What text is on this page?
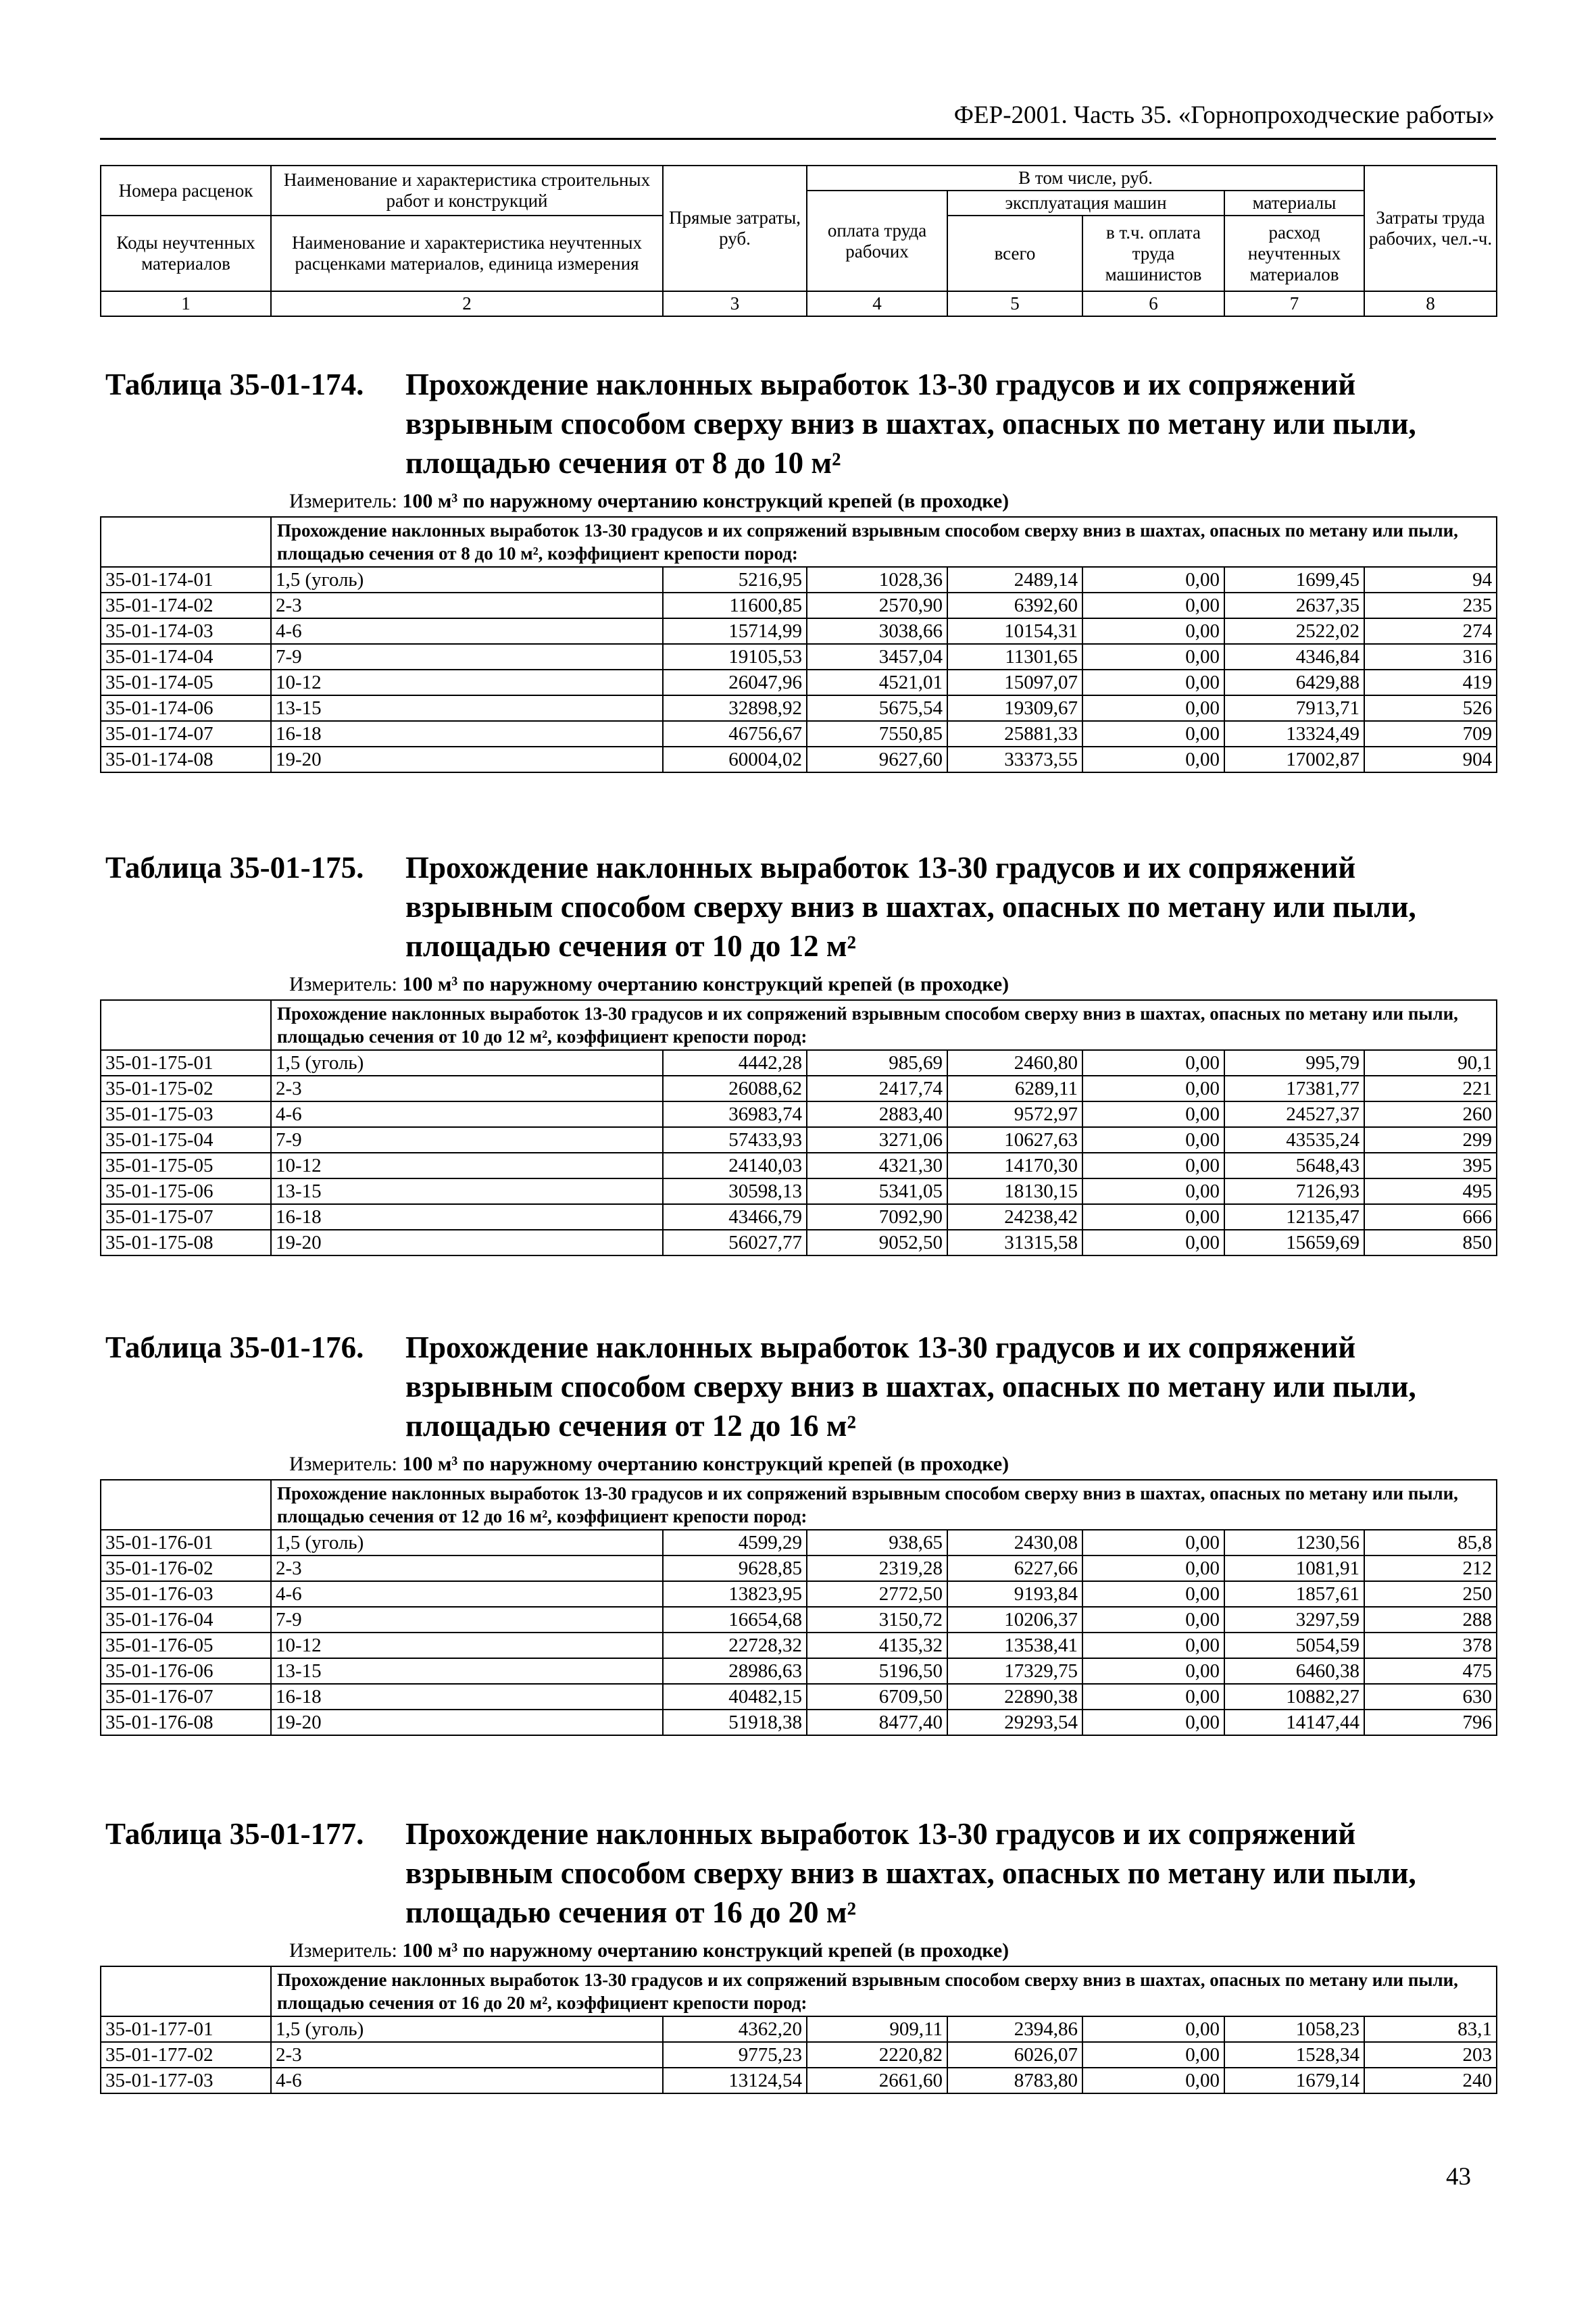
ФЕР-2001. Часть 35. «Горнопроходческие работы»
Номера расценок	Наименование и характеристика строительных работ и конструкций	Прямые затраты, руб.	В том числе, руб.				Затраты труда рабочих, чел.-ч.
			оплата труда рабочих	эксплуатация машин		материалы	
Коды неучтенных материалов	Наименование и характеристика неучтенных расценками материалов, единица измерения			всего	в т.ч. оплата труда машинистов	расход неучтенных материалов	

1	2	3	4	5	6	7	8
Таблица 35-01-174. Прохождение наклонных выработок 13-30 градусов и их сопряжений взрывным способом сверху вниз в шахтах, опасных по метану или пыли, площадью сечения от 8 до 10 м²
Измеритель: 100 м³ по наружному очертанию конструкций крепей (в проходке)
	Прохождение наклонных выработок 13-30 градусов и их сопряжений взрывным способом сверху вниз в шахтах, опасных по метану или пыли, площадью сечения от 8 до 10 м², коэффициент крепости пород:						
35-01-174-01	1,5 (уголь)	5216,95	1028,36	2489,14	0,00	1699,45	94
35-01-174-02	2-3	11600,85	2570,90	6392,60	0,00	2637,35	235
35-01-174-03	4-6	15714,99	3038,66	10154,31	0,00	2522,02	274
35-01-174-04	7-9	19105,53	3457,04	11301,65	0,00	4346,84	316
35-01-174-05	10-12	26047,96	4521,01	15097,07	0,00	6429,88	419
35-01-174-06	13-15	32898,92	5675,54	19309,67	0,00	7913,71	526
35-01-174-07	16-18	46756,67	7550,85	25881,33	0,00	13324,49	709
35-01-174-08	19-20	60004,02	9627,60	33373,55	0,00	17002,87	904
Таблица 35-01-175. Прохождение наклонных выработок 13-30 градусов и их сопряжений взрывным способом сверху вниз в шахтах, опасных по метану или пыли, площадью сечения от 10 до 12 м²
Измеритель: 100 м³ по наружному очертанию конструкций крепей (в проходке)
	Прохождение наклонных выработок 13-30 градусов и их сопряжений взрывным способом сверху вниз в шахтах, опасных по метану или пыли, площадью сечения от 10 до 12 м², коэффициент крепости пород:						
35-01-175-01	1,5 (уголь)	4442,28	985,69	2460,80	0,00	995,79	90,1
35-01-175-02	2-3	26088,62	2417,74	6289,11	0,00	17381,77	221
35-01-175-03	4-6	36983,74	2883,40	9572,97	0,00	24527,37	260
35-01-175-04	7-9	57433,93	3271,06	10627,63	0,00	43535,24	299
35-01-175-05	10-12	24140,03	4321,30	14170,30	0,00	5648,43	395
35-01-175-06	13-15	30598,13	5341,05	18130,15	0,00	7126,93	495
35-01-175-07	16-18	43466,79	7092,90	24238,42	0,00	12135,47	666
35-01-175-08	19-20	56027,77	9052,50	31315,58	0,00	15659,69	850
Таблица 35-01-176. Прохождение наклонных выработок 13-30 градусов и их сопряжений взрывным способом сверху вниз в шахтах, опасных по метану или пыли, площадью сечения от 12 до 16 м²
Измеритель: 100 м³ по наружному очертанию конструкций крепей (в проходке)
	Прохождение наклонных выработок 13-30 градусов и их сопряжений взрывным способом сверху вниз в шахтах, опасных по метану или пыли, площадью сечения от 12 до 16 м², коэффициент крепости пород:						
35-01-176-01	1,5 (уголь)	4599,29	938,65	2430,08	0,00	1230,56	85,8
35-01-176-02	2-3	9628,85	2319,28	6227,66	0,00	1081,91	212
35-01-176-03	4-6	13823,95	2772,50	9193,84	0,00	1857,61	250
35-01-176-04	7-9	16654,68	3150,72	10206,37	0,00	3297,59	288
35-01-176-05	10-12	22728,32	4135,32	13538,41	0,00	5054,59	378
35-01-176-06	13-15	28986,63	5196,50	17329,75	0,00	6460,38	475
35-01-176-07	16-18	40482,15	6709,50	22890,38	0,00	10882,27	630
35-01-176-08	19-20	51918,38	8477,40	29293,54	0,00	14147,44	796
Таблица 35-01-177. Прохождение наклонных выработок 13-30 градусов и их сопряжений взрывным способом сверху вниз в шахтах, опасных по метану или пыли, площадью сечения от 16 до 20 м²
Измеритель: 100 м³ по наружному очертанию конструкций крепей (в проходке)
	Прохождение наклонных выработок 13-30 градусов и их сопряжений взрывным способом сверху вниз в шахтах, опасных по метану или пыли, площадью сечения от 16 до 20 м², коэффициент крепости пород:						
35-01-177-01	1,5 (уголь)	4362,20	909,11	2394,86	0,00	1058,23	83,1
35-01-177-02	2-3	9775,23	2220,82	6026,07	0,00	1528,34	203
35-01-177-03	4-6	13124,54	2661,60	8783,80	0,00	1679,14	240
43
